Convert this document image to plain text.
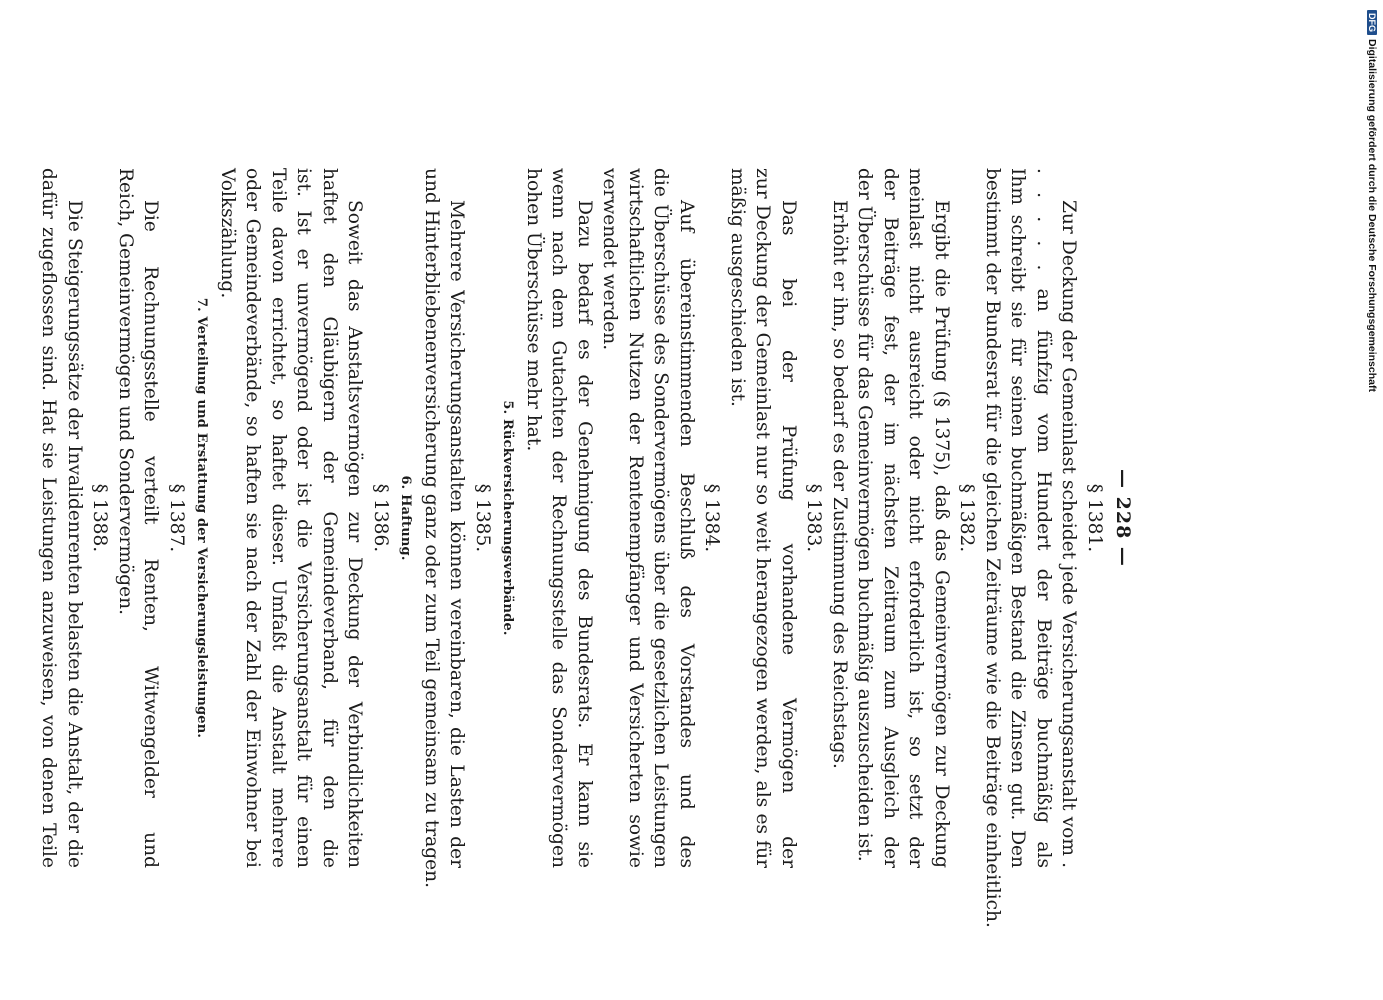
— 228 —
§ 1381.
Zur Deckung der Gemeinlast scheidet jede Versicherungsanstalt vom .
. . . . . an fünfzig vom Hundert der Beiträge buchmäßig als
Ihm schreibt sie für seinen buchmäßigen Bestand die Zinsen gut. Den
bestimmt der Bundesrat für die gleichen Zeiträume wie die Beiträge einheitlich.
§ 1382.
Ergibt die Prüfung (§ 1375), daß das Gemeinvermögen zur Deckung
meinlast nicht ausreicht oder nicht erforderlich ist, so setzt der
der Beiträge fest, der im nächsten Zeitraum zum Ausgleich der
der Überschüsse für das Gemeinvermögen buchmäßig auszuscheiden ist.
Erhöht er ihn, so bedarf es der Zustimmung des Reichstags.
§ 1383.
Das bei der Prüfung vorhandene Vermögen der
zur Deckung der Gemeinlast nur so weit herangezogen werden, als es für
mäßig ausgeschieden ist.
§ 1384.
Auf übereinstimmenden Beschluß des Vorstandes und des
die Überschüsse des Sondervermögens über die gesetzlichen Leistungen
wirtschaftlichen Nutzen der Rentenempfänger und Versicherten sowie
verwendet werden.
Dazu bedarf es der Genehmigung des Bundesrats. Er kann sie
wenn nach dem Gutachten der Rechnungsstelle das Sondervermögen
hohen Überschüsse mehr hat.
5. Rückversicherungsverbände.
§ 1385.
Mehrere Versicherungsanstalten können vereinbaren, die Lasten der
und Hinterbliebenenversicherung ganz oder zum Teil gemeinsam zu tragen.
6. Haftung.
§ 1386.
Soweit das Anstaltsvermögen zur Deckung der Verbindlichkeiten
haftet den Gläubigern der Gemeindeverband, für den die
ist. Ist er unvermögend oder ist die Versicherungsanstalt für einen
Teile davon errichtet, so haftet dieser. Umfaßt die Anstalt mehrere
oder Gemeindeverbände, so haften sie nach der Zahl der Einwohner bei
Volkszählung.
7. Verteilung und Erstattung der Versicherungsleistungen.
§ 1387.
Die Rechnungsstelle verteilt Renten, Witwengelder und
Reich, Gemeinvermögen und Sondervermögen.
§ 1388.
Die Steigerungssätze der Invalidenrenten belasten die Anstalt, der die
dafür zugeflossen sind. Hat sie Leistungen anzuweisen, von denen Teile
DFGDigitalisierung gefördert durch die Deutsche Forschungsgemeinschaft
